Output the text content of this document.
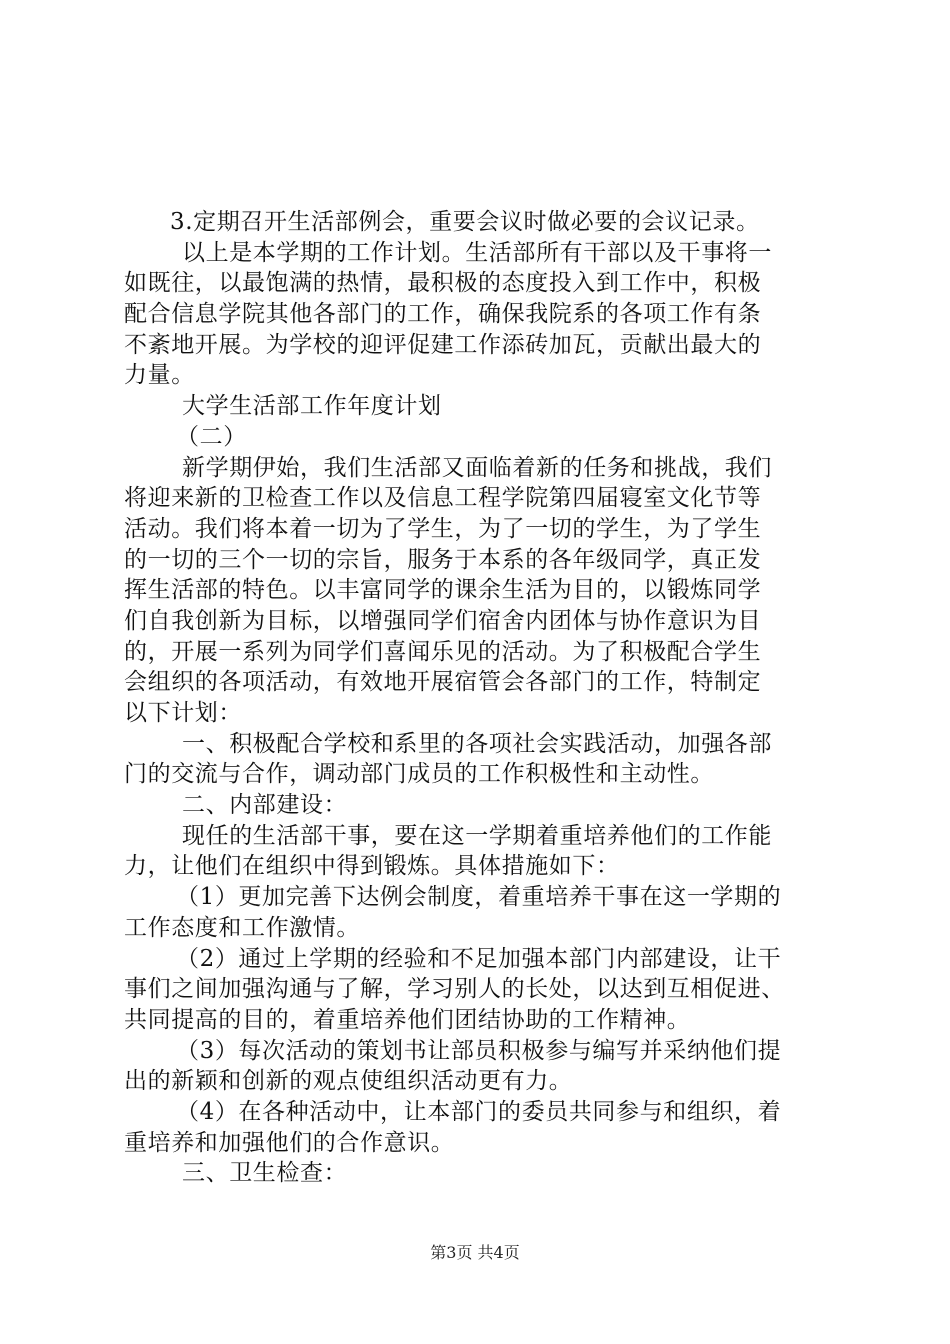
3.定期召开生活部例会，重要会议时做必要的会议记录。
以上是本学期的工作计划。生活部所有干部以及干事将一
如既往，以最饱满的热情，最积极的态度投入到工作中，积极
配合信息学院其他各部门的工作，确保我院系的各项工作有条
不紊地开展。为学校的迎评促建工作添砖加瓦，贡献出最大的
力量。
大学生活部工作年度计划
（二）
新学期伊始，我们生活部又面临着新的任务和挑战，我们
将迎来新的卫检查工作以及信息工程学院第四届寝室文化节等
活动。我们将本着一切为了学生，为了一切的学生，为了学生
的一切的三个一切的宗旨，服务于本系的各年级同学，真正发
挥生活部的特色。以丰富同学的课余生活为目的，以锻炼同学
们自我创新为目标，以增强同学们宿舍内团体与协作意识为目
的，开展一系列为同学们喜闻乐见的活动。为了积极配合学生
会组织的各项活动，有效地开展宿管会各部门的工作，特制定
以下计划：
一、积极配合学校和系里的各项社会实践活动，加强各部
门的交流与合作，调动部门成员的工作积极性和主动性。
二、内部建设：
现任的生活部干事，要在这一学期着重培养他们的工作能
力，让他们在组织中得到锻炼。具体措施如下：
（1）更加完善下达例会制度，着重培养干事在这一学期的
工作态度和工作激情。
（2）通过上学期的经验和不足加强本部门内部建设，让干
事们之间加强沟通与了解，学习别人的长处，以达到互相促进、
共同提高的目的，着重培养他们团结协助的工作精神。
（3）每次活动的策划书让部员积极参与编写并采纳他们提
出的新颖和创新的观点使组织活动更有力。
（4）在各种活动中，让本部门的委员共同参与和组织，着
重培养和加强他们的合作意识。
三、卫生检查：
第3页 共4页
